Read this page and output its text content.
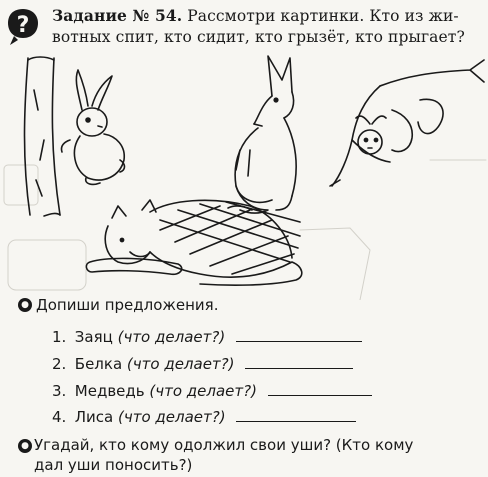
? Задание № 54. Рассмотри картинки. Кто из жи-
вотных спит, кто сидит, кто грызёт, кто прыгает?
● Допиши предложения.
1. Заяц (что делает?)
2. Белка (что делает?)
3. Медведь (что делает?)
4. Лиса (что делает?)
● Угадай, кто кому одолжил свои уши? (Кто кому
дал уши поносить?)
